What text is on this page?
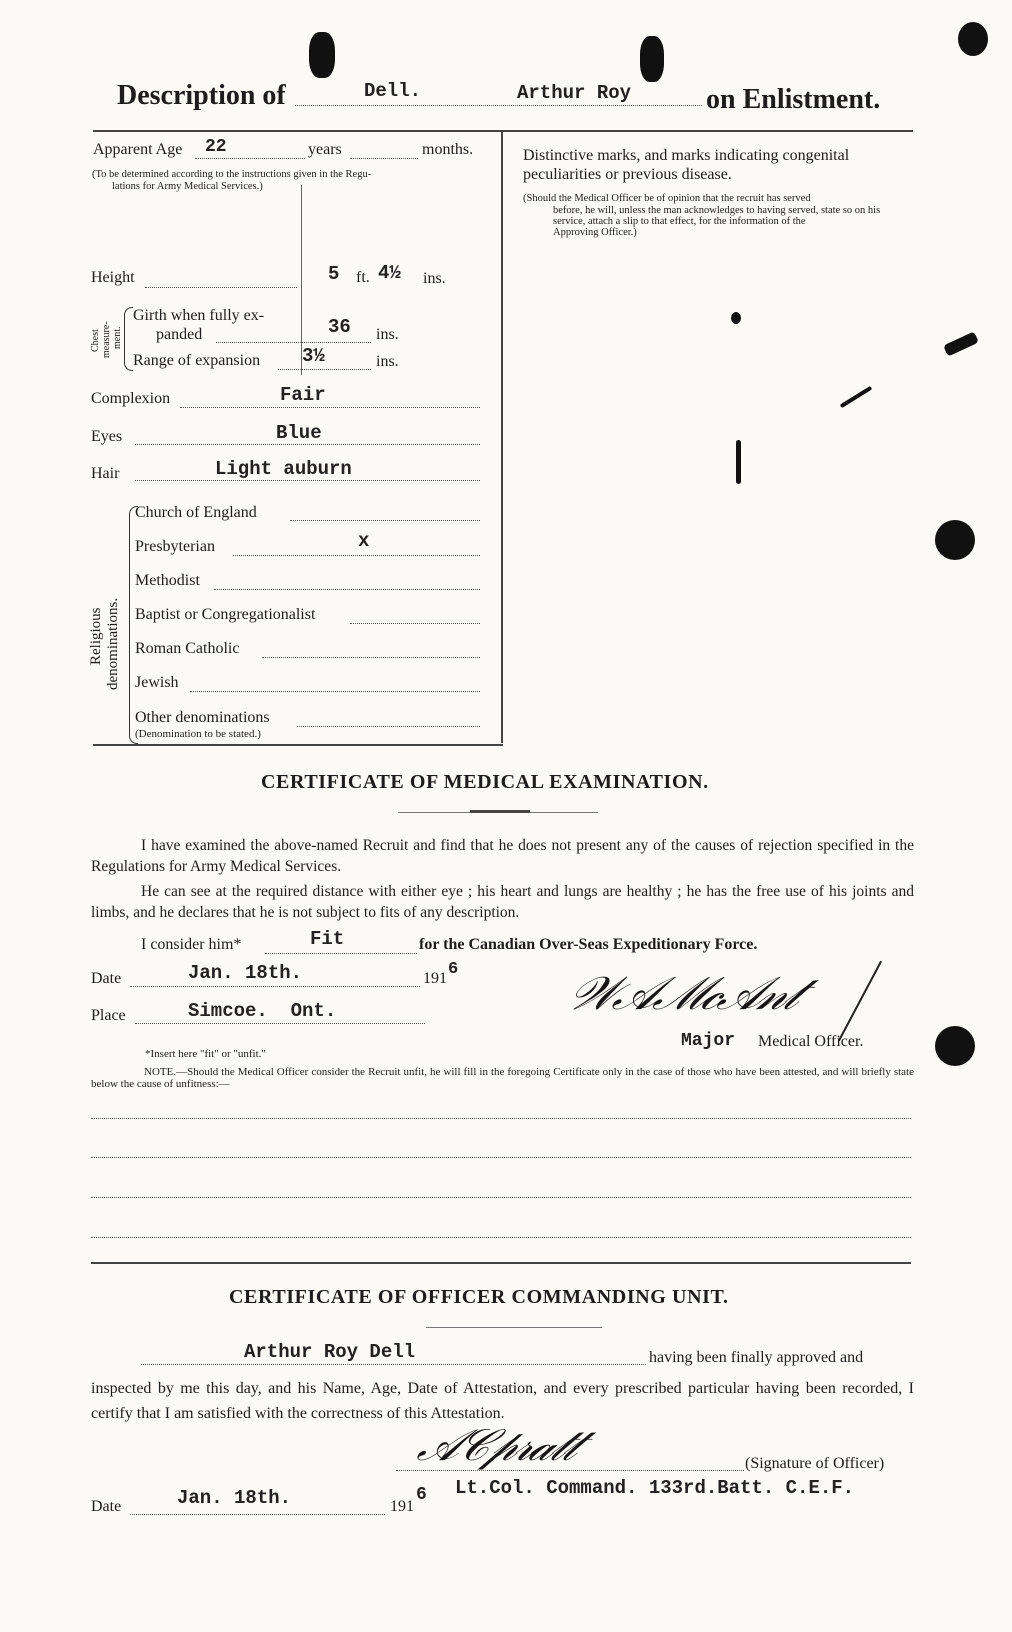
Description of	Dell.	Arthur Roy	on Enlistment.
Apparent Age 22	years	months.
(To be determined according to the instructions given in the Regu-
lations for Army Medical Services.)
Height	5 ft. 4½ ins.
Chest measure- ment.
Girth when fully ex-
panded	36 ins.
Range of expansion 3½	ins.
Complexion	Fair
Eyes	Blue
Hair	Light auburn
Religious denominations.
Church of England
Presbyterian	x
Methodist
Baptist or Congregationalist
Roman Catholic
Jewish
Other denominations
(Denomination to be stated.)
Distinctive marks, and marks indicating congenital
peculiarities or previous disease.
(Should the Medical Officer be of opinion that the recruit has served
before, he will, unless the man acknowledges to having served, state so on his
service, attach a slip to that effect, for the information of the
Approving Officer.)
CERTIFICATE OF MEDICAL EXAMINATION.
I have examined the above-named Recruit and find that he does not present any of the causes of rejection specified in the Regulations for Army Medical Services.
He can see at the required distance with either eye ; his heart and lungs are healthy ; he has the free use of his joints and limbs, and he declares that he is not subject to fits of any description.
I consider him*	Fit	for the Canadian Over-Seas Expeditionary Force.
Date	Jan. 18th.	191 6
Place	Simcoe.  Ont.	𝒲𝒜ℳ𝒸𝒜𝓃𝓉
Major Medical Officer.
*Insert here "fit" or "unfit."
NOTE.—Should the Medical Officer consider the Recruit unfit, he will fill in the foregoing Certificate only in the case of those who have been attested, and will briefly state below the cause of unfitness:—
CERTIFICATE OF OFFICER COMMANDING UNIT.
Arthur Roy Dell	having been finally approved and
inspected by me this day, and his Name, Age, Date of Attestation, and every prescribed particular having been recorded, I certify that I am satisfied with the correctness of this Attestation.
𝒜𝒞𝓅𝓇𝒶𝓉𝓉	(Signature of Officer)
Date	Jan. 18th.	191
6 Lt.Col. Command. 133rd.Batt. C.E.F.
